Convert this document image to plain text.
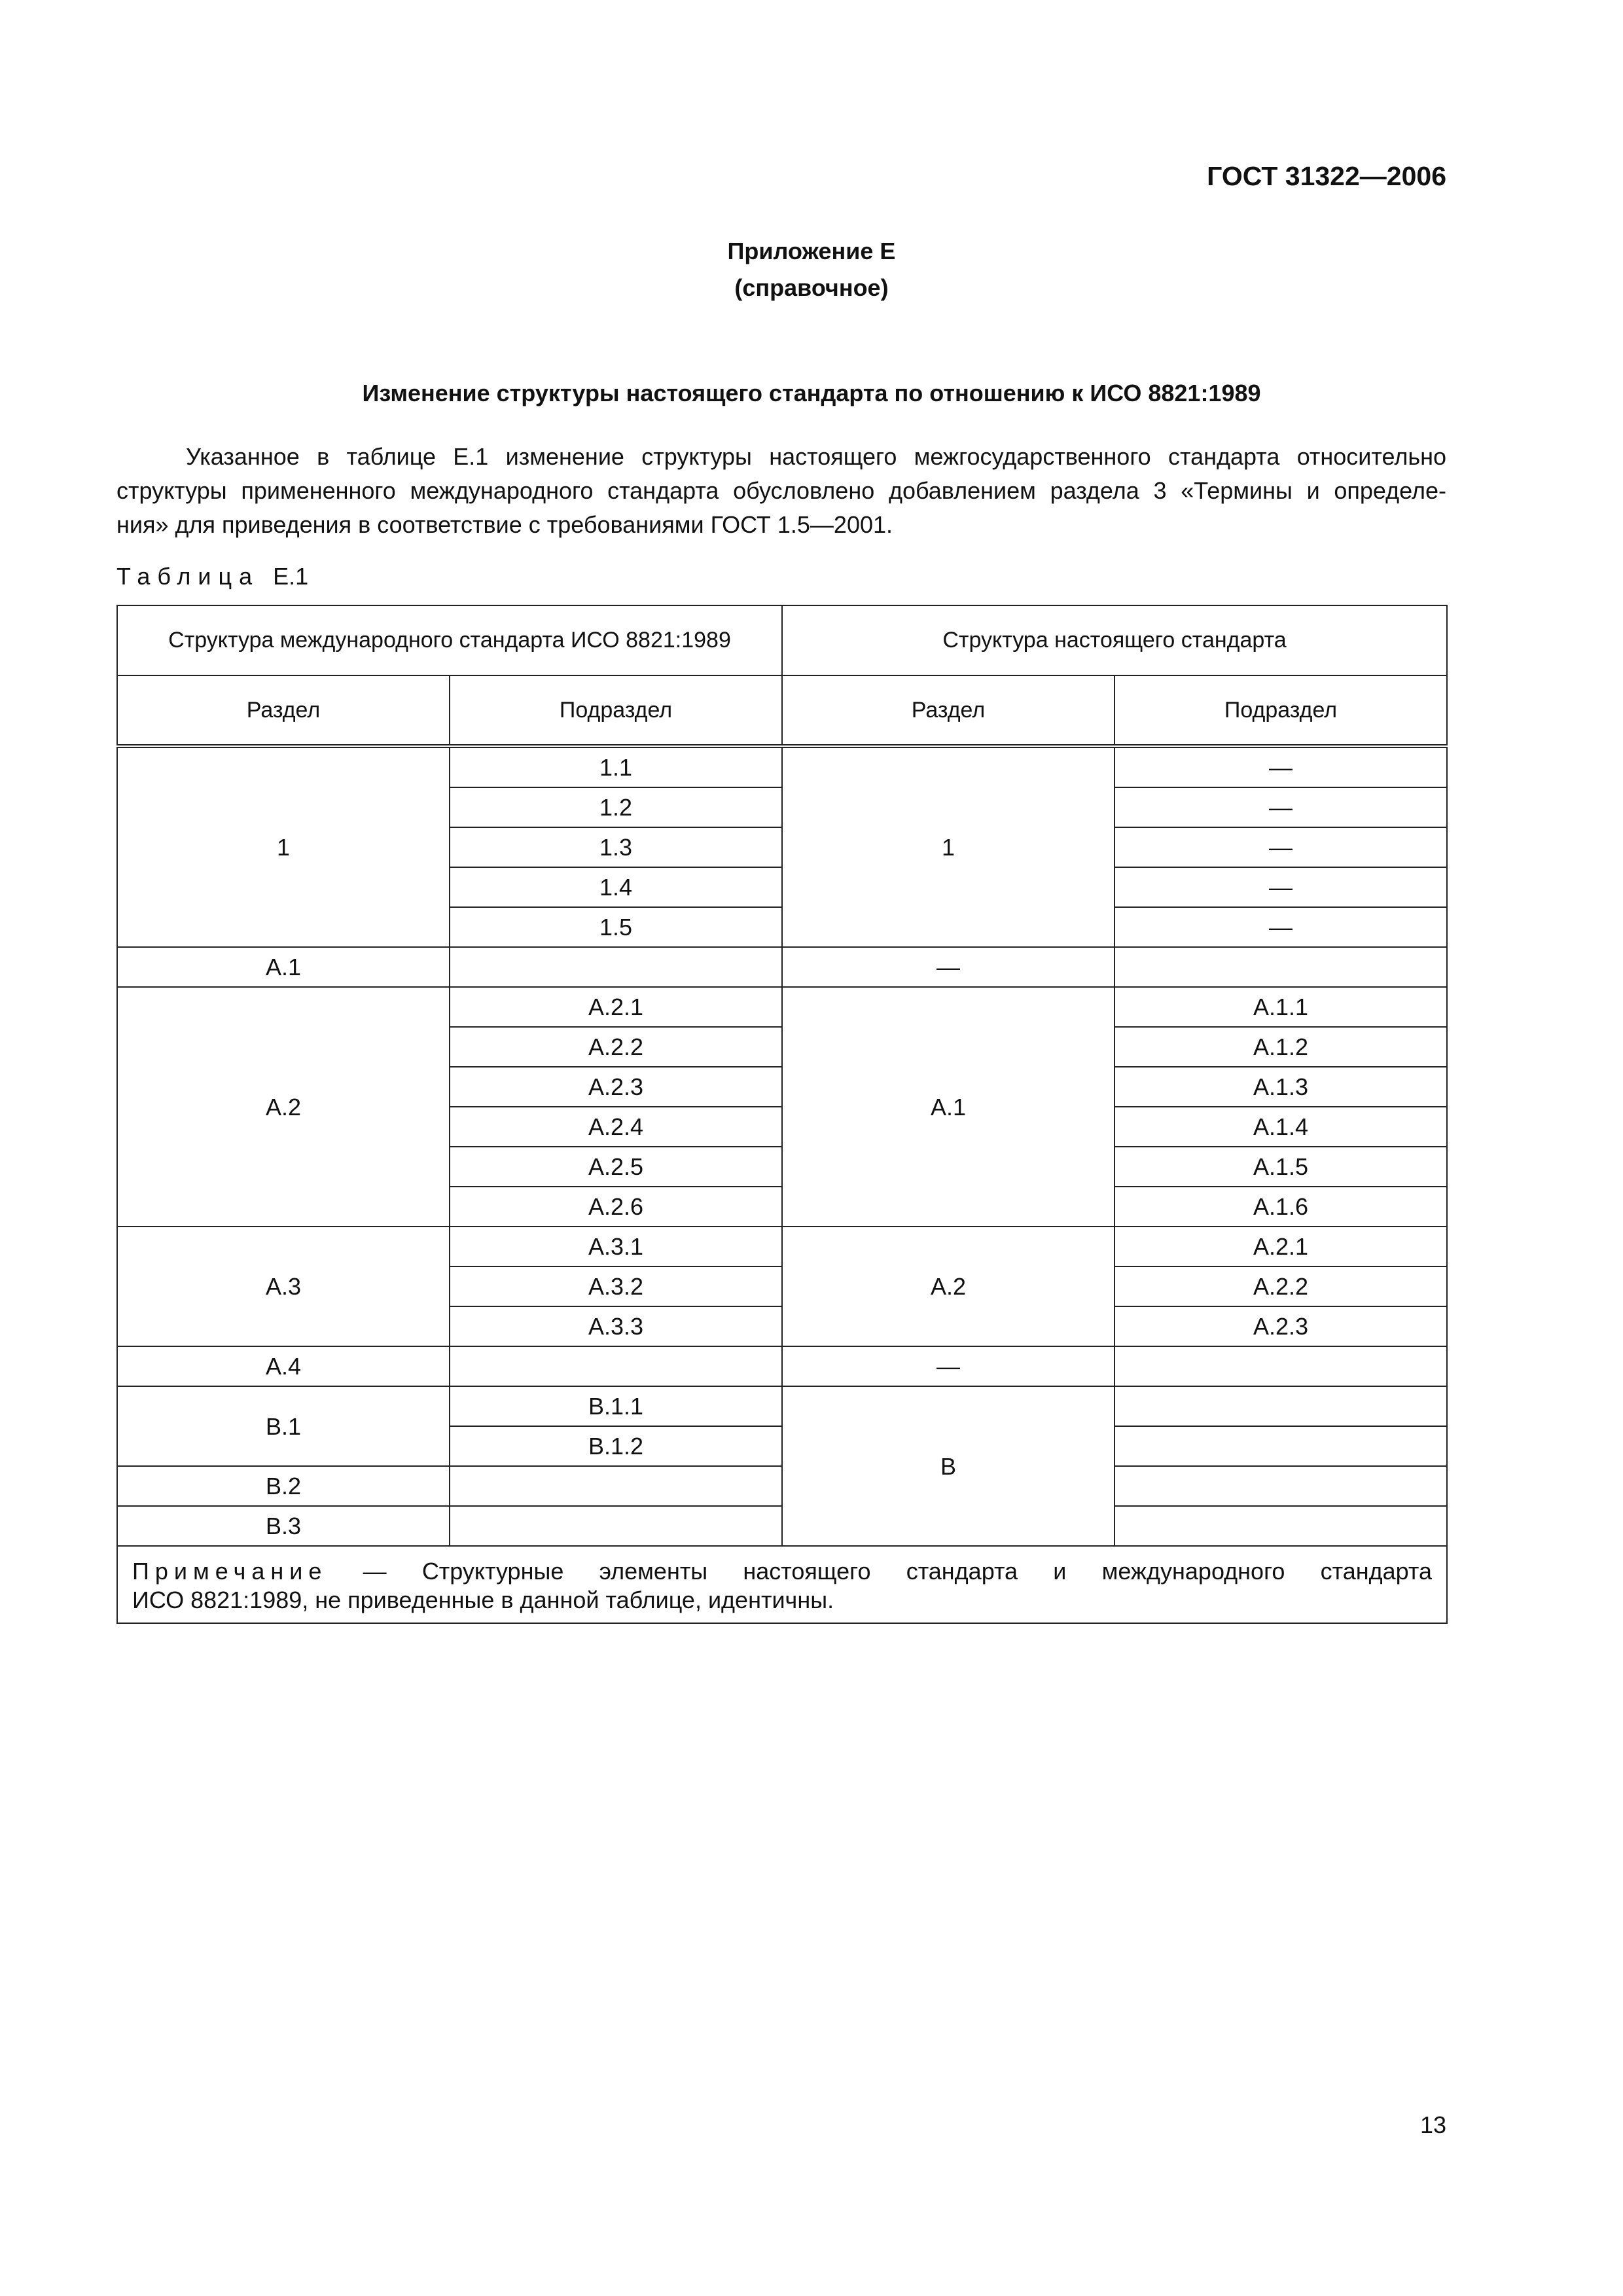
ГОСТ 31322—2006
Приложение Е
(справочное)
Изменение структуры настоящего стандарта по отношению к ИСО 8821:1989
Указанное в таблице Е.1 изменение структуры настоящего межгосударственного стандарта относительно
структуры примененного международного стандарта обусловлено добавлением раздела 3 «Термины и определе-
ния» для приведения в соответствие с требованиями ГОСТ 1.5—2001.
Таблица Е.1
Структура международного стандарта ИСО 8821:1989		Структура настоящего стандарта	
Раздел	Подраздел	Раздел	Подраздел
1	1.1	1	—
	1.2		—
	1.3		—
	1.4		—
	1.5		—
А.1		—	
А.2	А.2.1	А.1	А.1.1
	А.2.2		А.1.2
	А.2.3		А.1.3
	А.2.4		А.1.4
	А.2.5		А.1.5
	А.2.6		А.1.6
А.3	А.3.1	А.2	А.2.1
	А.3.2		А.2.2
	А.3.3		А.2.3
А.4		—	
В.1	В.1.1	В	
	В.1.2		
В.2			
В.3			

Примечание — Структурные элементы настоящего стандарта и международного стандарта
ИСО 8821:1989, не приведенные в данной таблице, идентичны.			
13
